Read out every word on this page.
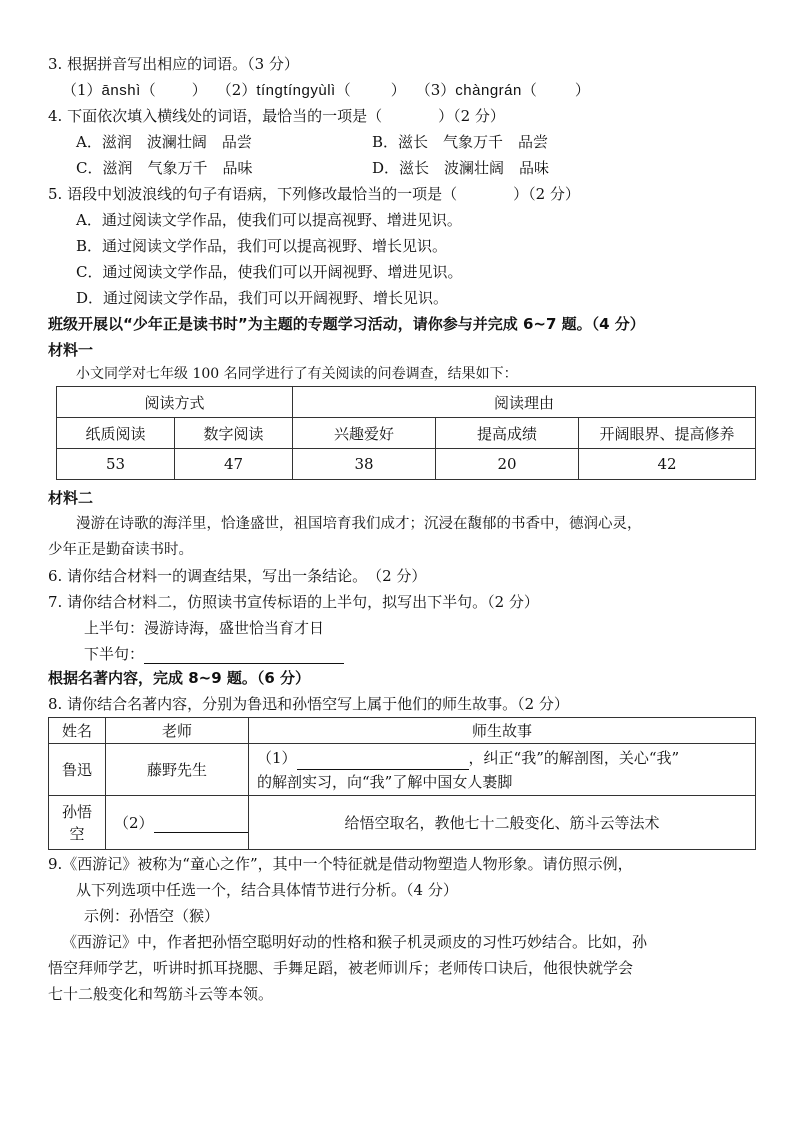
3. 根据拼音写出相应的词语。（3 分）
（1）ānshì（ ） （2）tíngtíngyùlì（	） （3）chàngrán（	）
4. 下面依次填入横线处的词语，最恰当的一项是（	）（2 分）
A．滋润　波澜壮阔　品尝	B．滋长　气象万千　品尝
C．滋润　气象万千　品味	D．滋长　波澜壮阔　品味
5. 语段中划波浪线的句子有语病，下列修改最恰当的一项是（	）（2 分）
A．通过阅读文学作品，使我们可以提高视野、增进见识。
B．通过阅读文学作品，我们可以提高视野、增长见识。
C．通过阅读文学作品，使我们可以开阔视野、增进见识。
D．通过阅读文学作品，我们可以开阔视野、增长见识。
班级开展以“少年正是读书时”为主题的专题学习活动，请你参与并完成 6~7 题。（4 分）
材料一
小文同学对七年级 100 名同学进行了有关阅读的问卷调查，结果如下：
阅读方式		阅读理由		
纸质阅读	数字阅读	兴趣爱好	提高成绩	开阔眼界、提高修养
53	47	38	20	42
材料二
漫游在诗歌的海洋里，恰逢盛世，祖国培育我们成才；沉浸在馥郁的书香中，德润心灵，
少年正是勤奋读书时。
6. 请你结合材料一的调查结果，写出一条结论。　（2 分）
7. 请你结合材料二，仿照读书宣传标语的上半句，拟写出下半句。（2 分）
上半句：漫游诗海，盛世恰当育才日
下半句：
根据名著内容，完成 8~9 题。（6 分）
8. 请你结合名著内容，分别为鲁迅和孙悟空写上属于他们的师生故事。（2 分）
姓名	老师	师生故事
鲁迅	藤野先生	（1） ，纠正“我”的解剖图，关心“我”
的解剖实习，向“我”了解中国女人裹脚

孙悟
空	（2）	给悟空取名，教他七十二般变化、筋斗云等法术
9.《西游记》被称为“童心之作”，其中一个特征就是借动物塑造人物形象。请仿照示例，
从下列选项中任选一个，结合具体情节进行分析。（4 分）
示例：孙悟空（猴）
《西游记》中，作者把孙悟空聪明好动的性格和猴子机灵顽皮的习性巧妙结合。比如，孙
悟空拜师学艺，听讲时抓耳挠腮、手舞足蹈，被老师训斥；老师传口诀后，他很快就学会
七十二般变化和驾筋斗云等本领。
